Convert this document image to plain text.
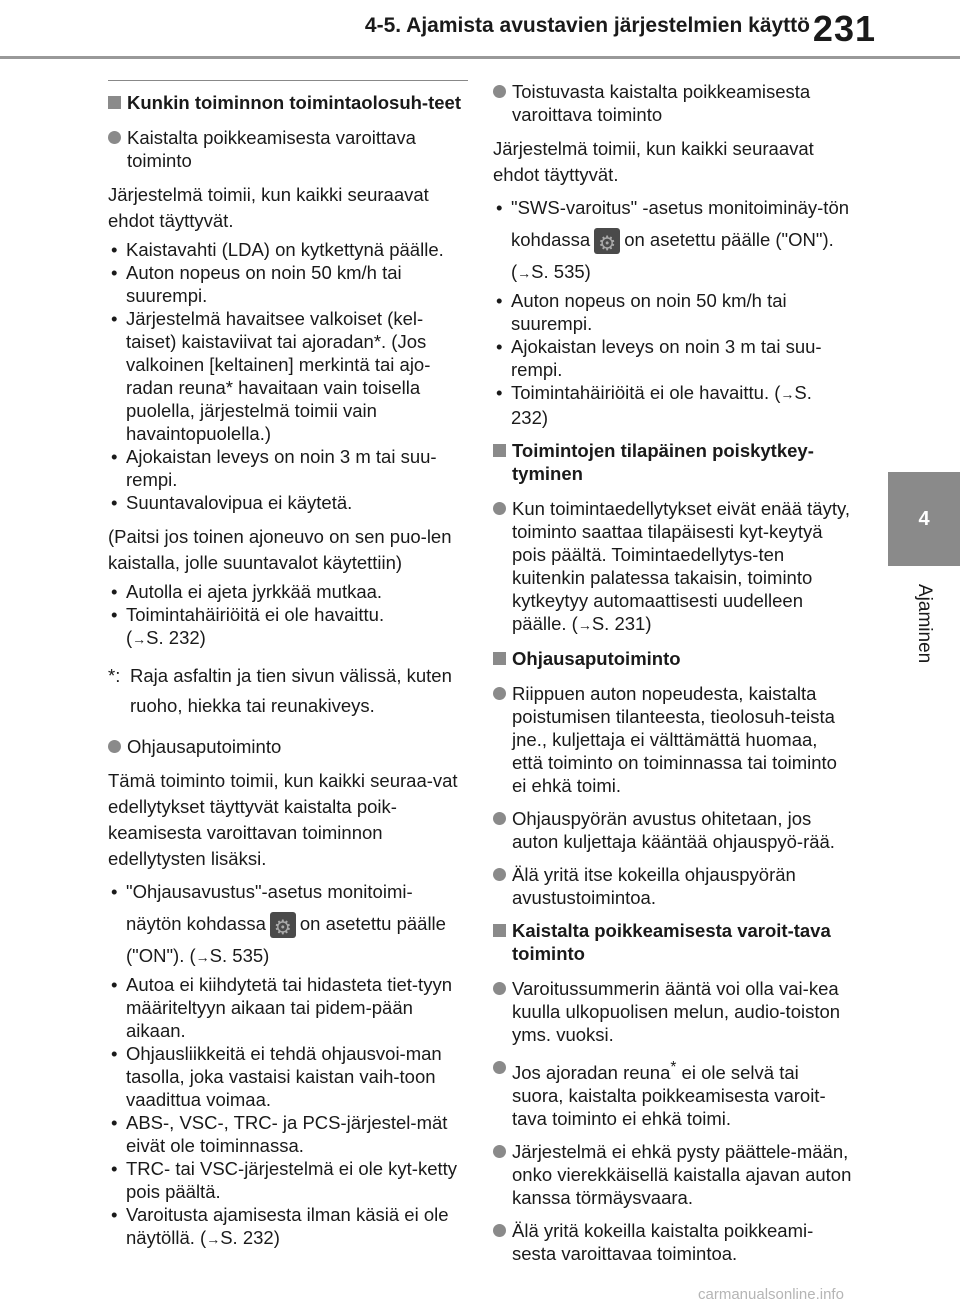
4-5. Ajamista avustavien järjestelmien käyttö 231
4
Ajaminen
Kunkin toiminnon toimintaolosuh-teet
Kaistalta poikkeamisesta varoittava toiminto
Järjestelmä toimii, kun kaikki seuraavat ehdot täyttyvät.
• Kaistavahti (LDA) on kytkettynä päälle.
• Auton nopeus on noin 50 km/h tai suurempi.
• Järjestelmä havaitsee valkoiset (kel-taiset) kaistaviivat tai ajoradan*. (Jos valkoinen [keltainen] merkintä tai ajo-radan reuna* havaitaan vain toisella puolella, järjestelmä toimii vain havaintopuolella.)
• Ajokaistan leveys on noin 3 m tai suu-rempi.
• Suuntavalovipua ei käytetä.
(Paitsi jos toinen ajoneuvo on sen puo-len kaistalla, jolle suuntavalot käytettiin)
• Autolla ei ajeta jyrkkää mutkaa.
• Toimintahäiriöitä ei ole havaittu.
(→S. 232)
*: Raja asfaltin ja tien sivun välissä, kuten ruoho, hiekka tai reunakiveys.
Ohjausaputoiminto
Tämä toiminto toimii, kun kaikki seuraa-vat edellytykset täyttyvät kaistalta poik-keamisesta varoittavan toiminnon edellytysten lisäksi.
• "Ohjausavustus"-asetus monitoimi-näytön kohdassa ⚙ on asetettu päälle ("ON"). (→S. 535)
• Autoa ei kiihdytetä tai hidasteta tiet-tyyn määriteltyyn aikaan tai pidem-pään aikaan.
• Ohjausliikkeitä ei tehdä ohjausvoi-man tasolla, joka vastaisi kaistan vaih-toon vaadittua voimaa.
• ABS-, VSC-, TRC- ja PCS-järjestel-mät eivät ole toiminnassa.
• TRC- tai VSC-järjestelmä ei ole kyt-ketty pois päältä.
• Varoitusta ajamisesta ilman käsiä ei ole näytöllä. (→S. 232)
Toistuvasta kaistalta poikkeamisesta varoittava toiminto
Järjestelmä toimii, kun kaikki seuraavat ehdot täyttyvät.
• "SWS-varoitus" -asetus monitoiminäy-tön kohdassa ⚙ on asetettu päälle ("ON"). (→S. 535)
• Auton nopeus on noin 50 km/h tai suurempi.
• Ajokaistan leveys on noin 3 m tai suu-rempi.
• Toimintahäiriöitä ei ole havaittu. (→S. 232)
Toimintojen tilapäinen poiskytkey-tyminen
Kun toimintaedellytykset eivät enää täyty, toiminto saattaa tilapäisesti kyt-keytyä pois päältä. Toimintaedellytys-ten kuitenkin palatessa takaisin, toiminto kytkeytyy automaattisesti uudelleen päälle. (→S. 231)
Ohjausaputoiminto
Riippuen auton nopeudesta, kaistalta poistumisen tilanteesta, tieolosuh-teista jne., kuljettaja ei välttämättä huomaa, että toiminto on toiminnassa tai toiminto ei ehkä toimi.
Ohjauspyörän avustus ohitetaan, jos auton kuljettaja kääntää ohjauspyö-rää.
Älä yritä itse kokeilla ohjauspyörän avustustoimintoa.
Kaistalta poikkeamisesta varoit-tava toiminto
Varoitussummerin ääntä voi olla vai-kea kuulla ulkopuolisen melun, audio-toiston yms. vuoksi.
Jos ajoradan reuna* ei ole selvä tai suora, kaistalta poikkeamisesta varoit-tava toiminto ei ehkä toimi.
Järjestelmä ei ehkä pysty päättele-mään, onko vierekkäisellä kaistalla ajavan auton kanssa törmäysvaara.
Älä yritä kokeilla kaistalta poikkeami-sesta varoittavaa toimintoa.
carmanualsonline.info
